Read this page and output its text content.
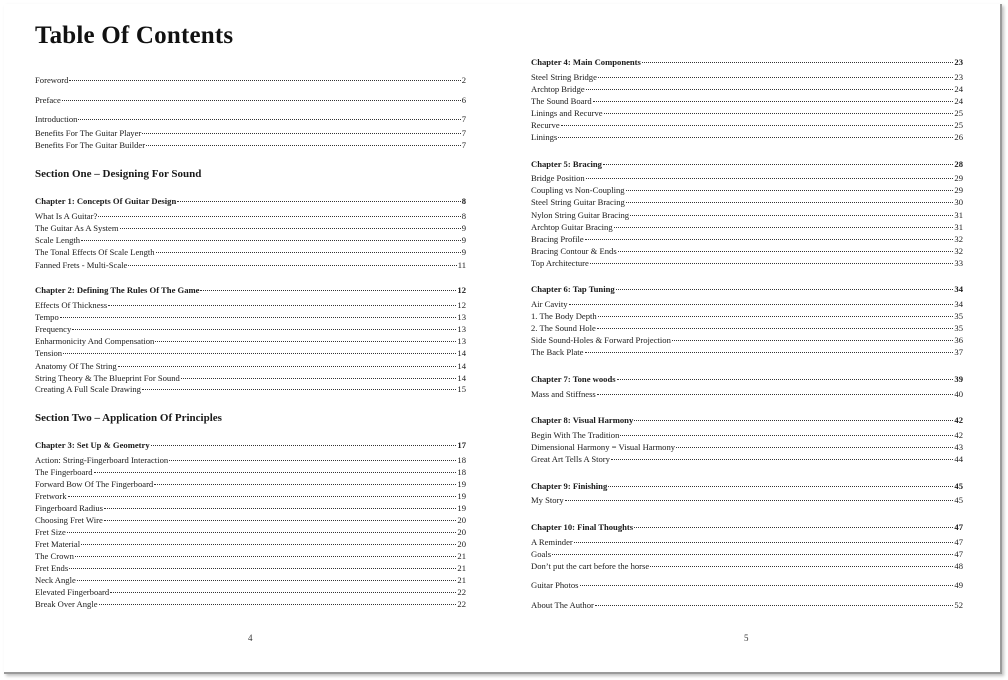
Table Of Contents
Foreword	2
Preface	6
Introduction	7
Benefits For The Guitar Player	7
Benefits For The Guitar Builder	7
Section One – Designing For Sound
Chapter 1: Concepts Of Guitar Design	8
What Is A Guitar?	8
The Guitar As A System	9
Scale Length	9
The Tonal Effects Of Scale Length	9
Fanned Frets - Multi-Scale	11
Chapter 2: Defining The Rules Of The Game	12
Effects Of Thickness	12
Tempo	13
Frequency	13
Enharmonicity And Compensation	13
Tension	14
Anatomy Of The String	14
String Theory & The Blueprint For Sound	14
Creating A Full Scale Drawing	15
Section Two – Application Of Principles
Chapter 3: Set Up & Geometry	17
Action: String-Fingerboard Interaction	18
The Fingerboard	18
Forward Bow Of The Fingerboard	19
Fretwork	19
Fingerboard Radius	19
Choosing Fret Wire	20
Fret Size	20
Fret Material	20
The Crown	21
Fret Ends	21
Neck Angle	21
Elevated Fingerboard	22
Break Over Angle	22
4
Chapter 4: Main Components	23
Steel String Bridge	23
Archtop Bridge	24
The Sound Board	24
Linings and Recurve	25
Recurve	25
Linings	26
Chapter 5: Bracing	28
Bridge Position	29
Coupling vs Non-Coupling	29
Steel String Guitar Bracing	30
Nylon String Guitar Bracing	31
Archtop Guitar Bracing	31
Bracing Profile	32
Bracing Contour & Ends	32
Top Architecture	33
Chapter 6: Tap Tuning	34
Air Cavity	34
1. The Body Depth	35
2. The Sound Hole	35
Side Sound-Holes & Forward Projection	36
The Back Plate	37
Chapter 7: Tone woods	39
Mass and Stiffness	40
Chapter 8: Visual Harmony	42
Begin With The Tradition	42
Dimensional Harmony = Visual Harmony	43
Great Art Tells A Story	44
Chapter 9: Finishing	45
My Story	45
Chapter 10: Final Thoughts	47
A Reminder	47
Goals	47
Don’t put the cart before the horse	48
Guitar Photos	49
About The Author	52
5
